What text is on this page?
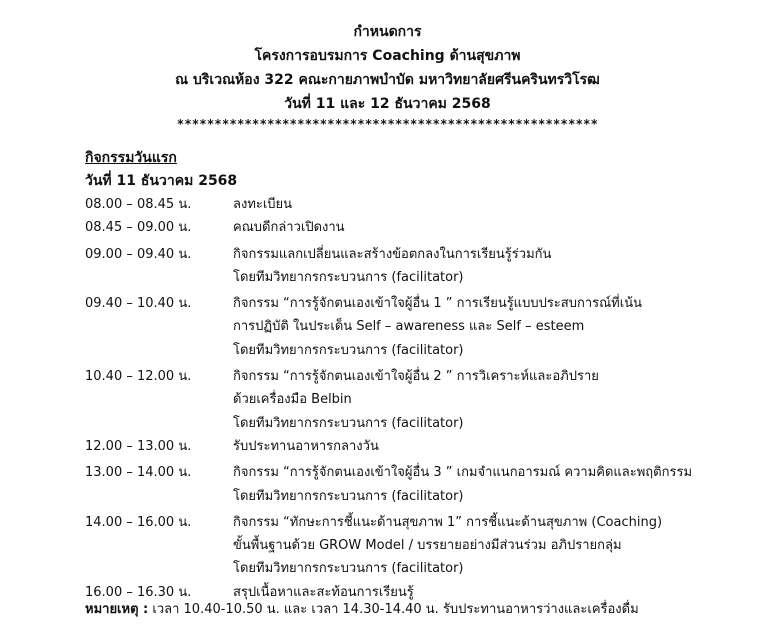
กำหนดการ
โครงการอบรมการ Coaching ด้านสุขภาพ
ณ บริเวณห้อง 322 คณะกายภาพบำบัด มหาวิทยาลัยศรีนครินทรวิโรฒ
วันที่ 11 และ 12 ธันวาคม 2568
********************************************************
กิจกรรมวันแรก
วันที่ 11 ธันวาคม 2568
08.00 – 08.45 น.	ลงทะเบียน
08.45 – 09.00 น.	คณบดีกล่าวเปิดงาน
09.00 – 09.40 น.	กิจกรรมแลกเปลี่ยนและสร้างข้อตกลงในการเรียนรู้ร่วมกัน
โดยทีมวิทยากรกระบวนการ (facilitator)
09.40 – 10.40 น.	กิจกรรม “การรู้จักตนเองเข้าใจผู้อื่น 1 ” การเรียนรู้แบบประสบการณ์ที่เน้น
การปฏิบัติ ในประเด็น Self – awareness และ Self – esteem
โดยทีมวิทยากรกระบวนการ (facilitator)
10.40 – 12.00 น.	กิจกรรม “การรู้จักตนเองเข้าใจผู้อื่น 2 ” การวิเคราะห์และอภิปราย
ด้วยเครื่องมือ Belbin
โดยทีมวิทยากรกระบวนการ (facilitator)
12.00 – 13.00 น.	รับประทานอาหารกลางวัน
13.00 – 14.00 น.	กิจกรรม “การรู้จักตนเองเข้าใจผู้อื่น 3 ” เกมจำแนกอารมณ์ ความคิดและพฤติกรรม
โดยทีมวิทยากรกระบวนการ (facilitator)
14.00 – 16.00 น.	กิจกรรม “ทักษะการชี้แนะด้านสุขภาพ 1” การชี้แนะด้านสุขภาพ (Coaching)
ขั้นพื้นฐานด้วย GROW Model / บรรยายอย่างมีส่วนร่วม อภิปรายกลุ่ม
โดยทีมวิทยากรกระบวนการ (facilitator)
16.00 – 16.30 น.	สรุปเนื้อหาและสะท้อนการเรียนรู้
หมายเหตุ : เวลา 10.40-10.50 น. และ เวลา 14.30-14.40 น. รับประทานอาหารว่างและเครื่องดื่ม
